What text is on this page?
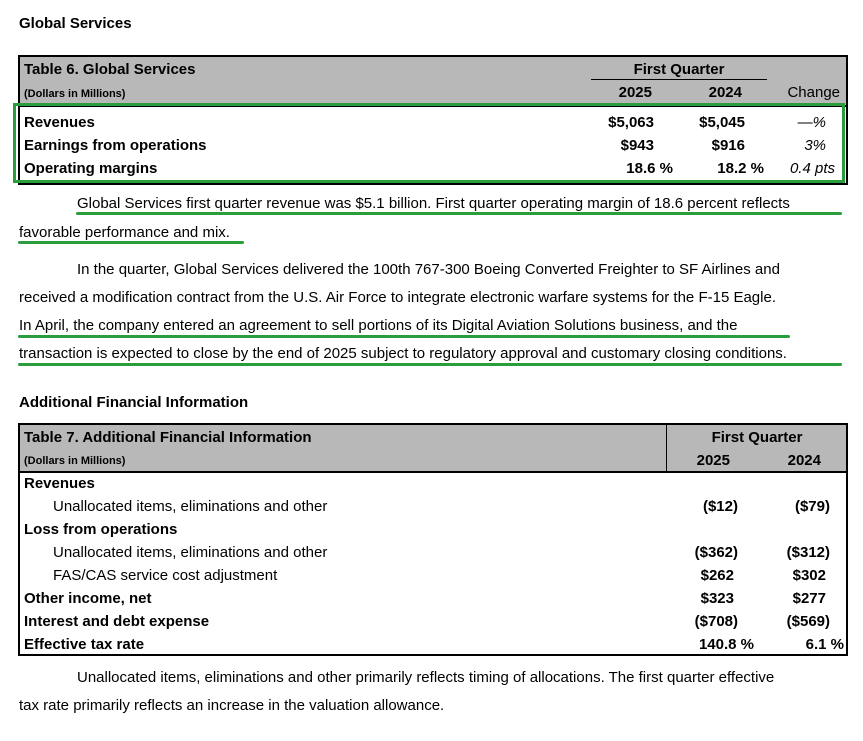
Global Services
Table 6. Global Services
(Dollars in Millions)
First Quarter
2025	2024	Change
Revenues	$5,063	$5,045	—%
Earnings from operations	$943	$916	3%
Operating margins	18.6 %	18.2 %	0.4 pts
Global Services first quarter revenue was $5.1 billion. First quarter operating margin of 18.6 percent reflects
favorable performance and mix.
In the quarter, Global Services delivered the 100th 767-300 Boeing Converted Freighter to SF Airlines and
received a modification contract from the U.S. Air Force to integrate electronic warfare systems for the F-15 Eagle.
In April, the company entered an agreement to sell portions of its Digital Aviation Solutions business, and the
transaction is expected to close by the end of 2025 subject to regulatory approval and customary closing conditions.
Additional Financial Information
Table 7. Additional Financial Information
(Dollars in Millions)
First Quarter
2025	2024
Revenues
Unallocated items, eliminations and other	($12)	($79)
Loss from operations
Unallocated items, eliminations and other	($362)	($312)
FAS/CAS service cost adjustment	$262	$302
Other income, net	$323	$277
Interest and debt expense	($708)	($569)
Effective tax rate	140.8 %	6.1 %
Unallocated items, eliminations and other primarily reflects timing of allocations. The first quarter effective
tax rate primarily reflects an increase in the valuation allowance.
